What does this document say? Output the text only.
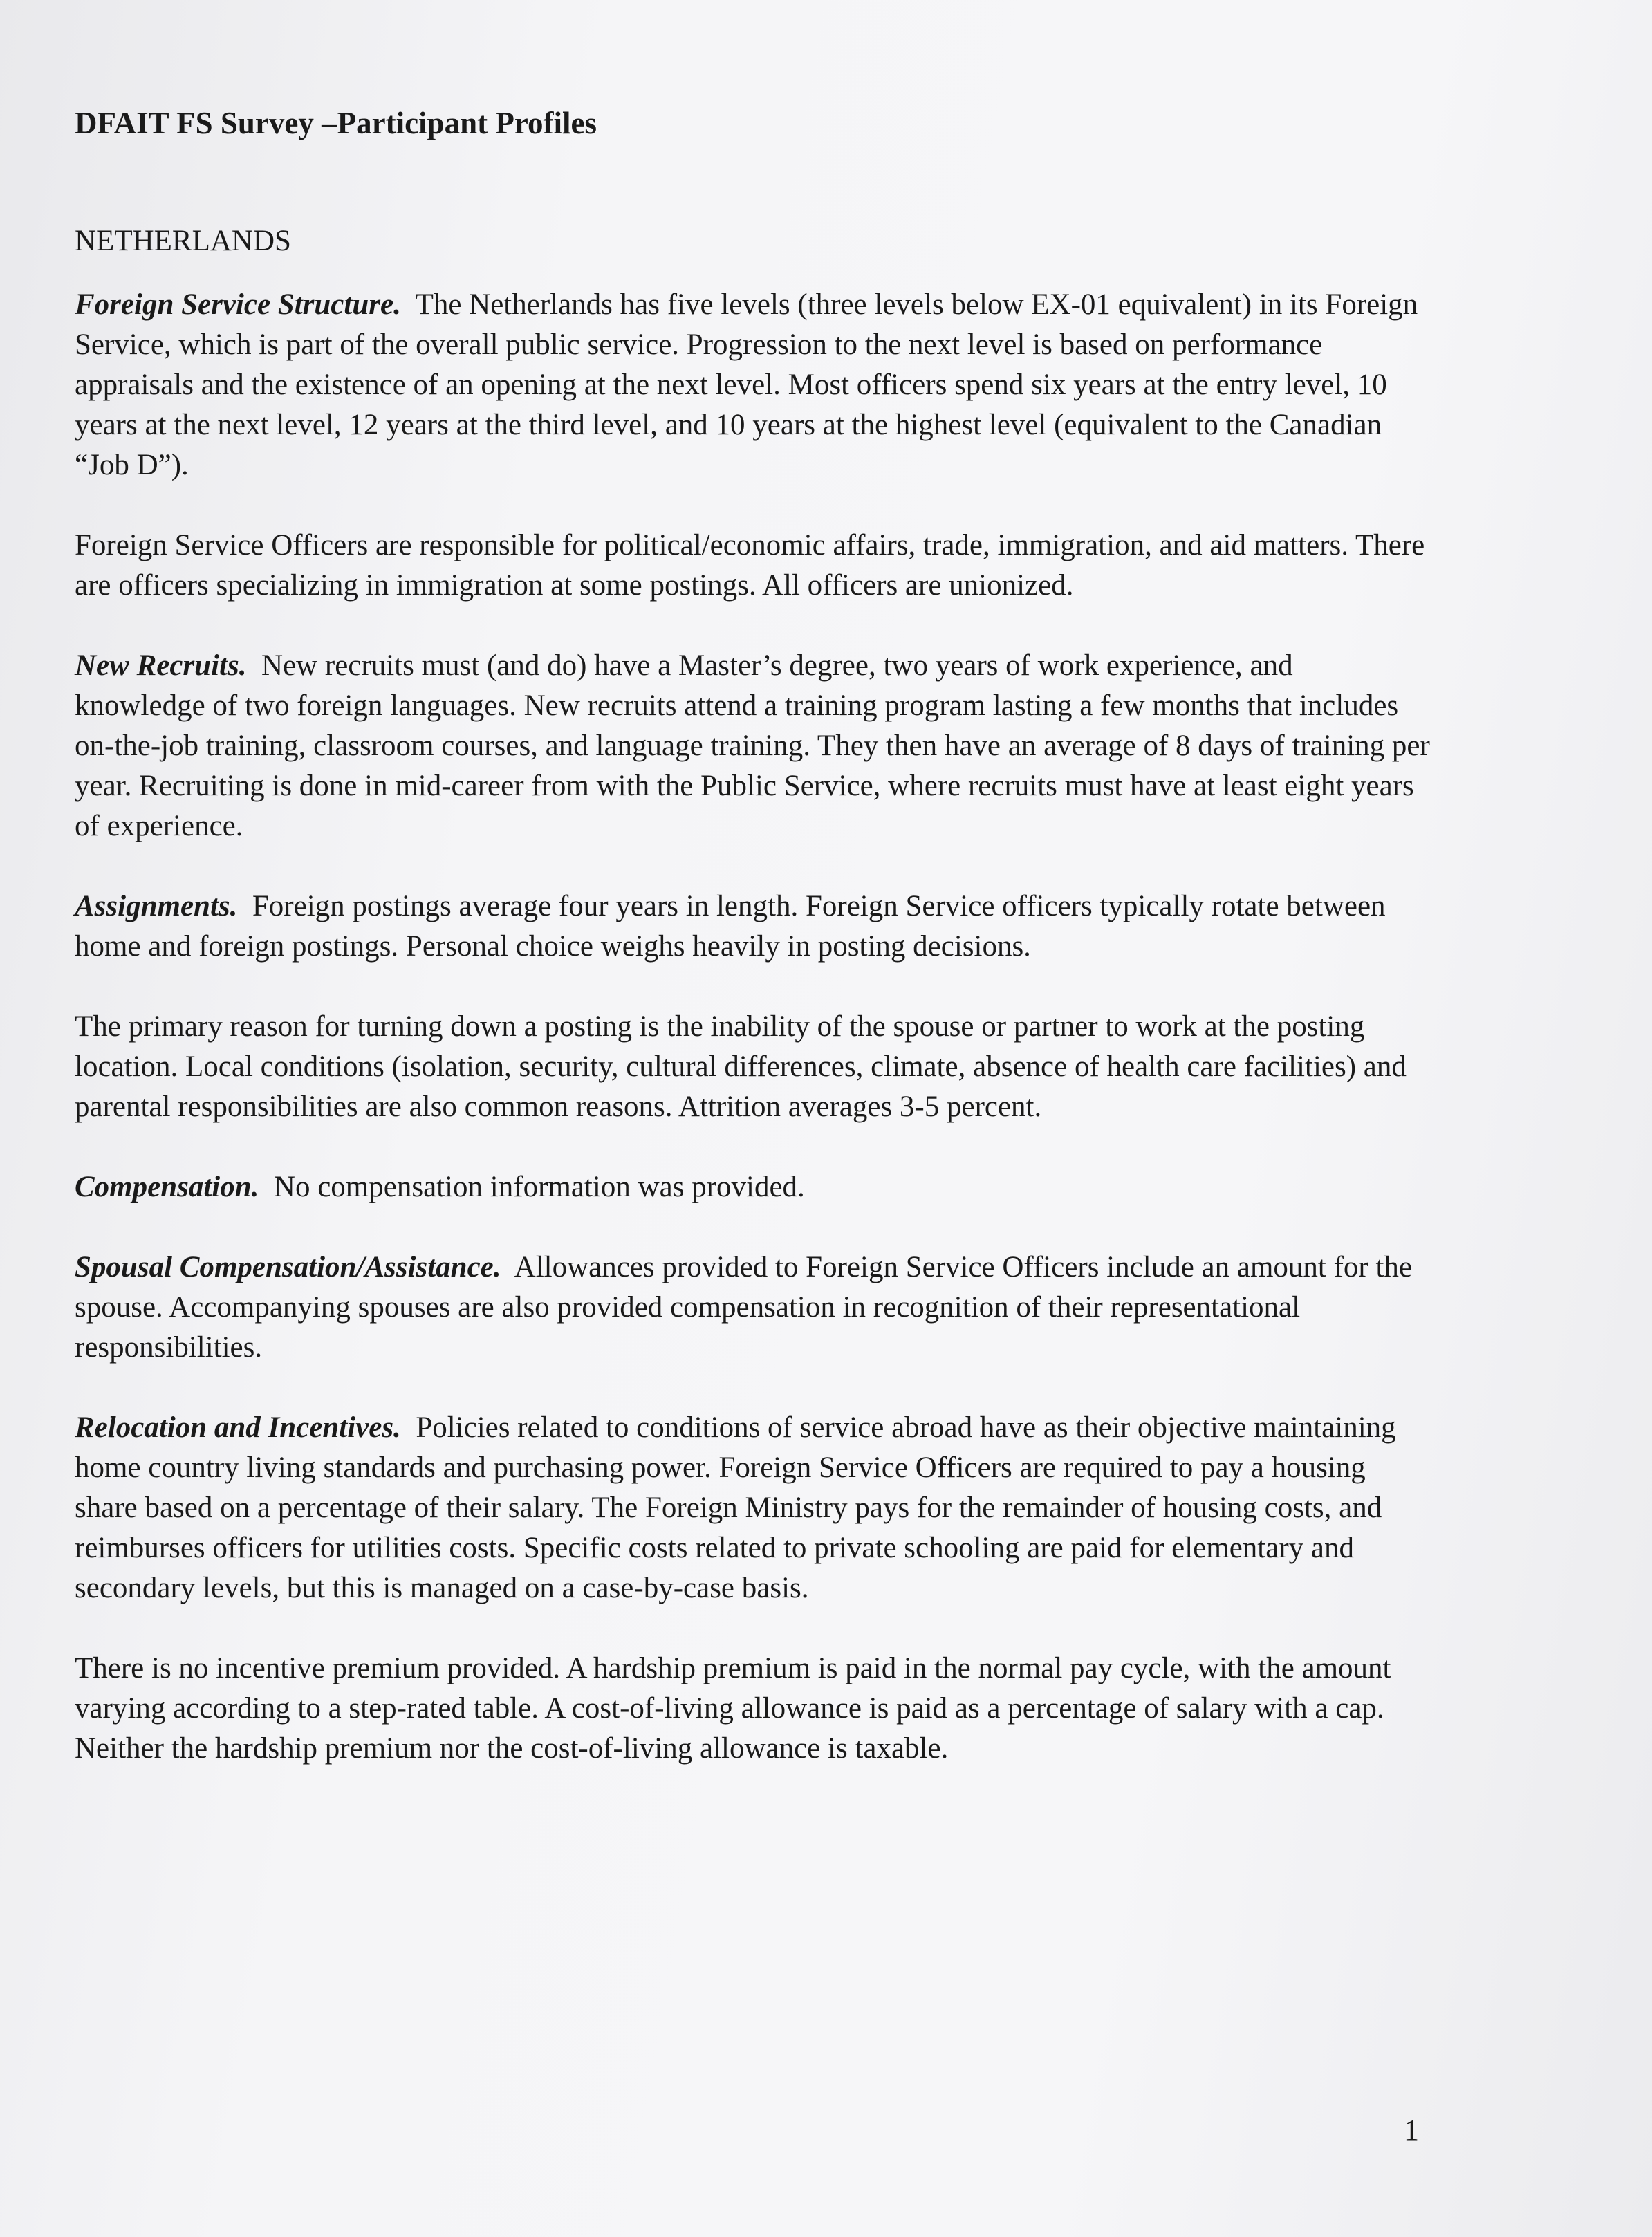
DFAIT FS Survey –Participant Profiles
NETHERLANDS

Foreign Service Structure. The Netherlands has five levels (three levels below EX-01 equivalent) in its Foreign Service, which is part of the overall public service. Progression to the next level is based on performance appraisals and the existence of an opening at the next level. Most officers spend six years at the entry level, 10 years at the next level, 12 years at the third level, and 10 years at the highest level (equivalent to the Canadian “Job D”).

Foreign Service Officers are responsible for political/economic affairs, trade, immigration, and aid matters. There are officers specializing in immigration at some postings. All officers are unionized.

New Recruits. New recruits must (and do) have a Master’s degree, two years of work experience, and knowledge of two foreign languages. New recruits attend a training program lasting a few months that includes on-the-job training, classroom courses, and language training. They then have an average of 8 days of training per year. Recruiting is done in mid-career from with the Public Service, where recruits must have at least eight years of experience.

Assignments. Foreign postings average four years in length. Foreign Service officers typically rotate between home and foreign postings. Personal choice weighs heavily in posting decisions.

The primary reason for turning down a posting is the inability of the spouse or partner to work at the posting location. Local conditions (isolation, security, cultural differences, climate, absence of health care facilities) and parental responsibilities are also common reasons. Attrition averages 3-5 percent.

Compensation. No compensation information was provided.

Spousal Compensation/Assistance. Allowances provided to Foreign Service Officers include an amount for the spouse. Accompanying spouses are also provided compensation in recognition of their representational responsibilities.

Relocation and Incentives. Policies related to conditions of service abroad have as their objective maintaining home country living standards and purchasing power. Foreign Service Officers are required to pay a housing share based on a percentage of their salary. The Foreign Ministry pays for the remainder of housing costs, and reimburses officers for utilities costs. Specific costs related to private schooling are paid for elementary and secondary levels, but this is managed on a case-by-case basis.

There is no incentive premium provided. A hardship premium is paid in the normal pay cycle, with the amount varying according to a step-rated table. A cost-of-living allowance is paid as a percentage of salary with a cap. Neither the hardship premium nor the cost-of-living allowance is taxable.

1
